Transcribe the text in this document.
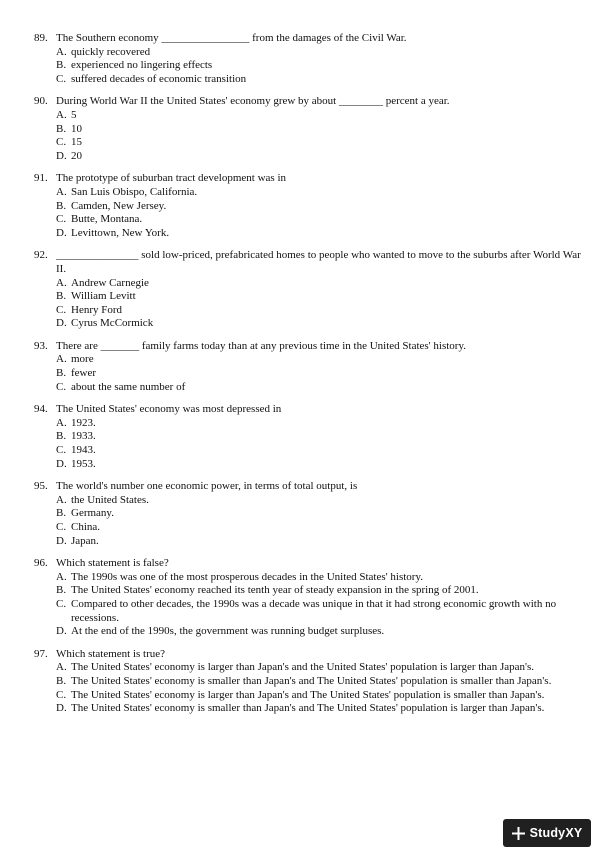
89. The Southern economy ________________ from the damages of the Civil War.
A. quickly recovered
B. experienced no lingering effects
C. suffered decades of economic transition
90. During World War II the United States' economy grew by about ________ percent a year.
A. 5
B. 10
C. 15
D. 20
91. The prototype of suburban tract development was in
A. San Luis Obispo, California.
B. Camden, New Jersey.
C. Butte, Montana.
D. Levittown, New York.
92. _______________ sold low-priced, prefabricated homes to people who wanted to move to the suburbs after World War II.
A. Andrew Carnegie
B. William Levitt
C. Henry Ford
D. Cyrus McCormick
93. There are _______ family farms today than at any previous time in the United States' history.
A. more
B. fewer
C. about the same number of
94. The United States' economy was most depressed in
A. 1923.
B. 1933.
C. 1943.
D. 1953.
95. The world's number one economic power, in terms of total output, is
A. the United States.
B. Germany.
C. China.
D. Japan.
96. Which statement is false?
A. The 1990s was one of the most prosperous decades in the United States' history.
B. The United States' economy reached its tenth year of steady expansion in the spring of 2001.
C. Compared to other decades, the 1990s was a decade was unique in that it had strong economic growth with no recessions.
D. At the end of the 1990s, the government was running budget surpluses.
97. Which statement is true?
A. The United States' economy is larger than Japan's and the United States' population is larger than Japan's.
B. The United States' economy is smaller than Japan's and The United States' population is smaller than Japan's.
C. The United States' economy is larger than Japan's and The United States' population is smaller than Japan's.
D. The United States' economy is smaller than Japan's and The United States' population is larger than Japan's.
StudyXY
